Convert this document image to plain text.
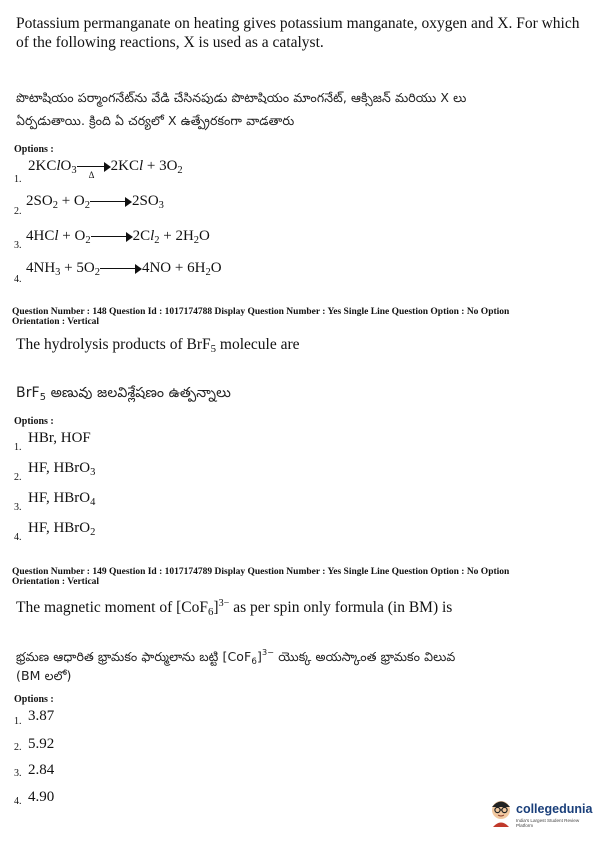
Potassium permanganate on heating gives potassium manganate, oxygen and X. For which
of the following reactions, X is used as a catalyst.
పొటాషియం పర్మాంగనేట్‌ను వేడి చేసినపుడు పొటాషియం మాంగనేట్, ఆక్సిజన్ మరియు X లు
ఏర్పడుతాయి. క్రింది ఏ చర్యలో X ఉత్ప్రేరకంగా వాడతారు
Options :
1.
2KClO$_3$ Δ
$2KCl + 3O_2$
2.
$2SO_2 + O_2$	$2SO_3$
3.
$4HCl + O_2$	$2Cl_2 + 2H_2O$
4.
$4NH_3 + 5O_2$	$4NO + 6H_2O$
Question Number : 148 Question Id : 1017174788 Display Question Number : Yes Single Line Question Option : No Option
Orientation : Vertical
The hydrolysis products of BrF$_5$ molecule are
BrF$_5$ అణువు జలవిశ్లేషణం ఉత్పన్నాలు
Options :
1.
HBr, HOF
2.
HF, HBrO$_3$
3.
HF, HBrO$_4$
4.
HF, HBrO$_2$
Question Number : 149 Question Id : 1017174789 Display Question Number : Yes Single Line Question Option : No Option
Orientation : Vertical
The magnetic moment of $[CoF_6]^{3-}$ as per spin only formula (in BM) is
భ్రమణ ఆధారిత భ్రామకం ఫార్ములాను బట్టి $[CoF_6]^{3-}$ యొక్క అయస్కాంత భ్రామకం విలువ
(BM లలో)
Options :
1. 3.87
2. 5.92
3. 2.84
4. 4.90
collegedunia
India's Largest Student Review Platform
